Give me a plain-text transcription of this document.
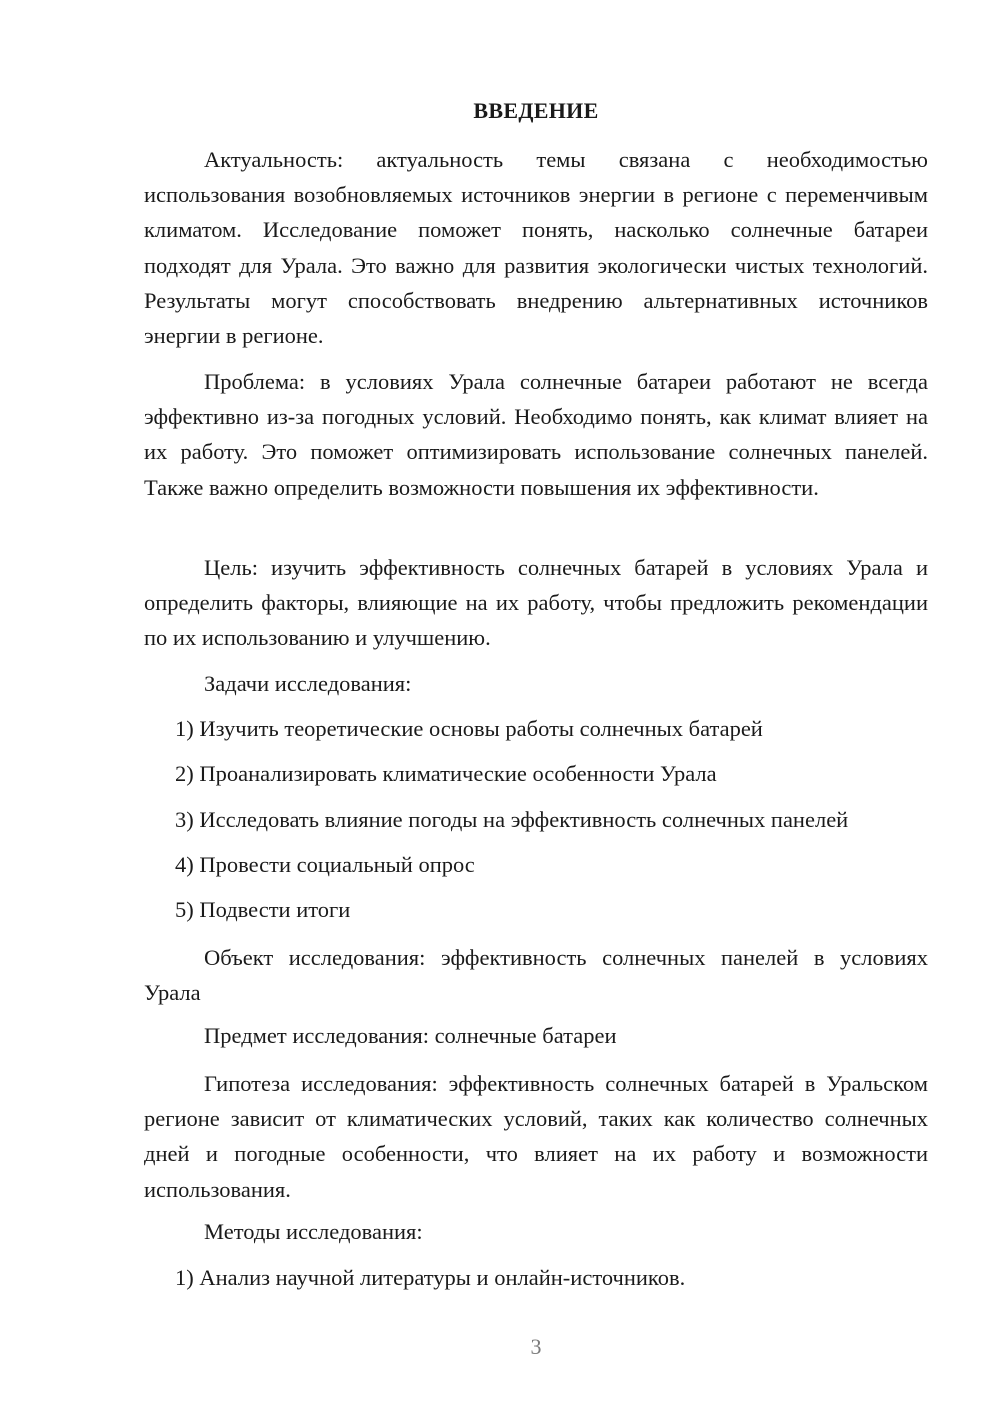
ВВЕДЕНИЕ

Актуальность: актуальность темы связана с необходимостью использования возобновляемых источников энергии в регионе с переменчивым климатом. Исследование поможет понять, насколько солнечные батареи подходят для Урала. Это важно для развития экологически чистых технологий. Результаты могут способствовать внедрению альтернативных источников энергии в регионе.

Проблема: в условиях Урала солнечные батареи работают не всегда эффективно из-за погодных условий. Необходимо понять, как климат влияет на их работу. Это поможет оптимизировать использование солнечных панелей. Также важно определить возможности повышения их эффективности.

Цель: изучить эффективность солнечных батарей в условиях Урала и определить факторы, влияющие на их работу, чтобы предложить рекомендации по их использованию и улучшению.

Задачи исследования:

1) Изучить теоретические основы работы солнечных батарей

2) Проанализировать климатические особенности Урала

3) Исследовать влияние погоды на эффективность солнечных панелей

4) Провести социальный опрос

5) Подвести итоги

Объект исследования: эффективность солнечных панелей в условиях Урала

Предмет исследования: солнечные батареи

Гипотеза исследования: эффективность солнечных батарей в Уральском регионе зависит от климатических условий, таких как количество солнечных дней и погодные особенности, что влияет на их работу и возможности использования.

Методы исследования:

1) Анализ научной литературы и онлайн-источников.

3
